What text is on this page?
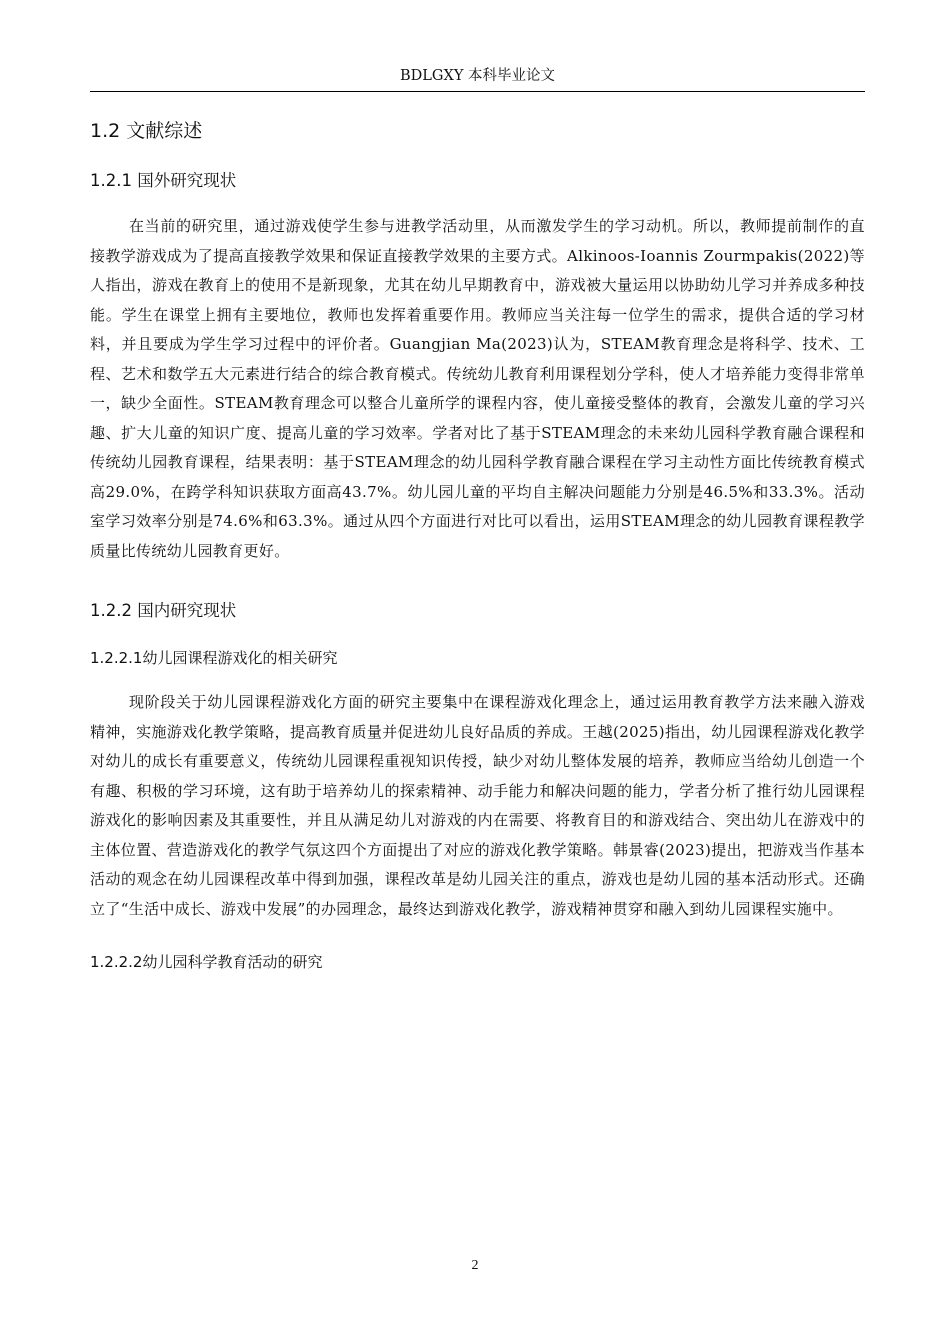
BDLGXY 本科毕业论文
1.2 文献综述
1.2.1 国外研究现状

在当前的研究里，通过游戏使学生参与进教学活动里，从而激发学生的学习动机。所以，教师提前制作的直接教学游戏成为了提高直接教学效果和保证直接教学效果的主要方式。Alkinoos-Ioannis Zourmpakis(2022)等人指出，游戏在教育上的使用不是新现象，尤其在幼儿早期教育中，游戏被大量运用以协助幼儿学习并养成多种技能。学生在课堂上拥有主要地位，教师也发挥着重要作用。教师应当关注每一位学生的需求，提供合适的学习材料，并且要成为学生学习过程中的评价者。Guangjian Ma(2023)认为，STEAM教育理念是将科学、技术、工程、艺术和数学五大元素进行结合的综合教育模式。传统幼儿教育利用课程划分学科，使人才培养能力变得非常单一，缺少全面性。STEAM教育理念可以整合儿童所学的课程内容，使儿童接受整体的教育，会激发儿童的学习兴趣、扩大儿童的知识广度、提高儿童的学习效率。学者对比了基于STEAM理念的未来幼儿园科学教育融合课程和传统幼儿园教育课程，结果表明：基于STEAM理念的幼儿园科学教育融合课程在学习主动性方面比传统教育模式高29.0%，在跨学科知识获取方面高43.7%。幼儿园儿童的平均自主解决问题能力分别是46.5%和33.3%。活动室学习效率分别是74.6%和63.3%。通过从四个方面进行对比可以看出，运用STEAM理念的幼儿园教育课程教学质量比传统幼儿园教育更好。

1.2.2 国内研究现状
1.2.2.1幼儿园课程游戏化的相关研究

现阶段关于幼儿园课程游戏化方面的研究主要集中在课程游戏化理念上，通过运用教育教学方法来融入游戏精神，实施游戏化教学策略，提高教育质量并促进幼儿良好品质的养成。王越(2025)指出，幼儿园课程游戏化教学对幼儿的成长有重要意义，传统幼儿园课程重视知识传授，缺少对幼儿整体发展的培养，教师应当给幼儿创造一个有趣、积极的学习环境，这有助于培养幼儿的探索精神、动手能力和解决问题的能力，学者分析了推行幼儿园课程游戏化的影响因素及其重要性，并且从满足幼儿对游戏的内在需要、将教育目的和游戏结合、突出幼儿在游戏中的主体位置、营造游戏化的教学气氛这四个方面提出了对应的游戏化教学策略。韩景睿(2023)提出，把游戏当作基本活动的观念在幼儿园课程改革中得到加强，课程改革是幼儿园关注的重点，游戏也是幼儿园的基本活动形式。还确立了“生活中成长、游戏中发展”的办园理念，最终达到游戏化教学，游戏精神贯穿和融入到幼儿园课程实施中。

1.2.2.2幼儿园科学教育活动的研究
2
